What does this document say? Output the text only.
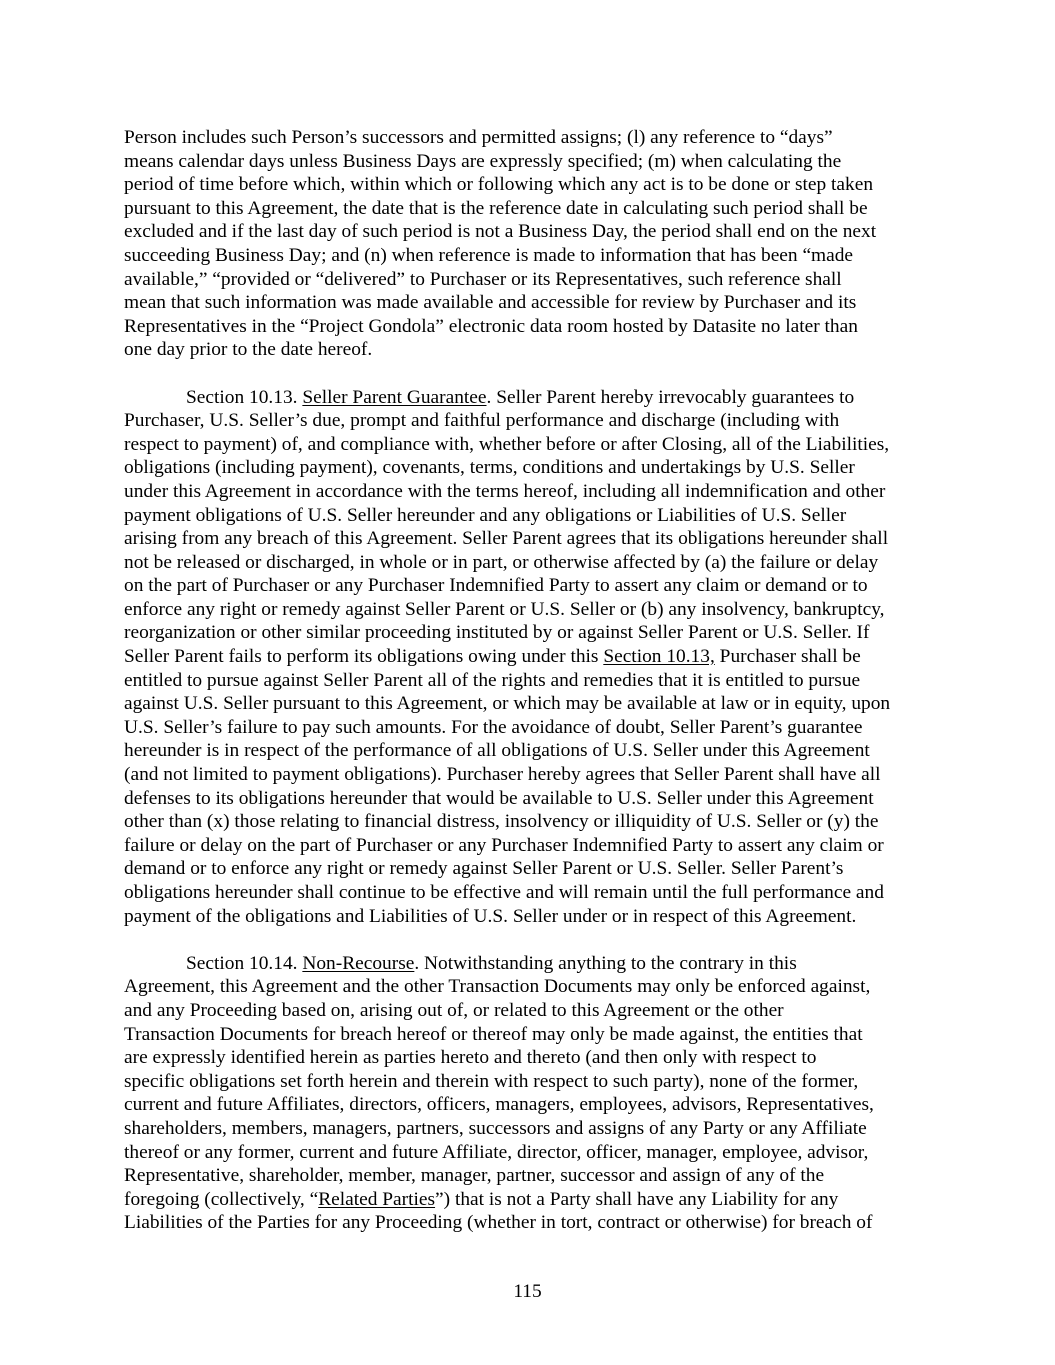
Person includes such Person’s successors and permitted assigns; (l) any reference to “days”
means calendar days unless Business Days are expressly specified; (m) when calculating the
period of time before which, within which or following which any act is to be done or step taken
pursuant to this Agreement, the date that is the reference date in calculating such period shall be
excluded and if the last day of such period is not a Business Day, the period shall end on the next
succeeding Business Day; and (n) when reference is made to information that has been “made
available,” “provided or “delivered” to Purchaser or its Representatives, such reference shall
mean that such information was made available and accessible for review by Purchaser and its
Representatives in the “Project Gondola” electronic data room hosted by Datasite no later than
one day prior to the date hereof.

Section 10.13. Seller Parent Guarantee. Seller Parent hereby irrevocably guarantees to
Purchaser, U.S. Seller’s due, prompt and faithful performance and discharge (including with
respect to payment) of, and compliance with, whether before or after Closing, all of the Liabilities,
obligations (including payment), covenants, terms, conditions and undertakings by U.S. Seller
under this Agreement in accordance with the terms hereof, including all indemnification and other
payment obligations of U.S. Seller hereunder and any obligations or Liabilities of U.S. Seller
arising from any breach of this Agreement. Seller Parent agrees that its obligations hereunder shall
not be released or discharged, in whole or in part, or otherwise affected by (a) the failure or delay
on the part of Purchaser or any Purchaser Indemnified Party to assert any claim or demand or to
enforce any right or remedy against Seller Parent or U.S. Seller or (b) any insolvency, bankruptcy,
reorganization or other similar proceeding instituted by or against Seller Parent or U.S. Seller. If
Seller Parent fails to perform its obligations owing under this Section 10.13, Purchaser shall be
entitled to pursue against Seller Parent all of the rights and remedies that it is entitled to pursue
against U.S. Seller pursuant to this Agreement, or which may be available at law or in equity, upon
U.S. Seller’s failure to pay such amounts. For the avoidance of doubt, Seller Parent’s guarantee
hereunder is in respect of the performance of all obligations of U.S. Seller under this Agreement
(and not limited to payment obligations). Purchaser hereby agrees that Seller Parent shall have all
defenses to its obligations hereunder that would be available to U.S. Seller under this Agreement
other than (x) those relating to financial distress, insolvency or illiquidity of U.S. Seller or (y) the
failure or delay on the part of Purchaser or any Purchaser Indemnified Party to assert any claim or
demand or to enforce any right or remedy against Seller Parent or U.S. Seller. Seller Parent’s
obligations hereunder shall continue to be effective and will remain until the full performance and
payment of the obligations and Liabilities of U.S. Seller under or in respect of this Agreement.

Section 10.14. Non-Recourse. Notwithstanding anything to the contrary in this
Agreement, this Agreement and the other Transaction Documents may only be enforced against,
and any Proceeding based on, arising out of, or related to this Agreement or the other
Transaction Documents for breach hereof or thereof may only be made against, the entities that
are expressly identified herein as parties hereto and thereto (and then only with respect to
specific obligations set forth herein and therein with respect to such party), none of the former,
current and future Affiliates, directors, officers, managers, employees, advisors, Representatives,
shareholders, members, managers, partners, successors and assigns of any Party or any Affiliate
thereof or any former, current and future Affiliate, director, officer, manager, employee, advisor,
Representative, shareholder, member, manager, partner, successor and assign of any of the
foregoing (collectively, “Related Parties”) that is not a Party shall have any Liability for any
Liabilities of the Parties for any Proceeding (whether in tort, contract or otherwise) for breach of

115
